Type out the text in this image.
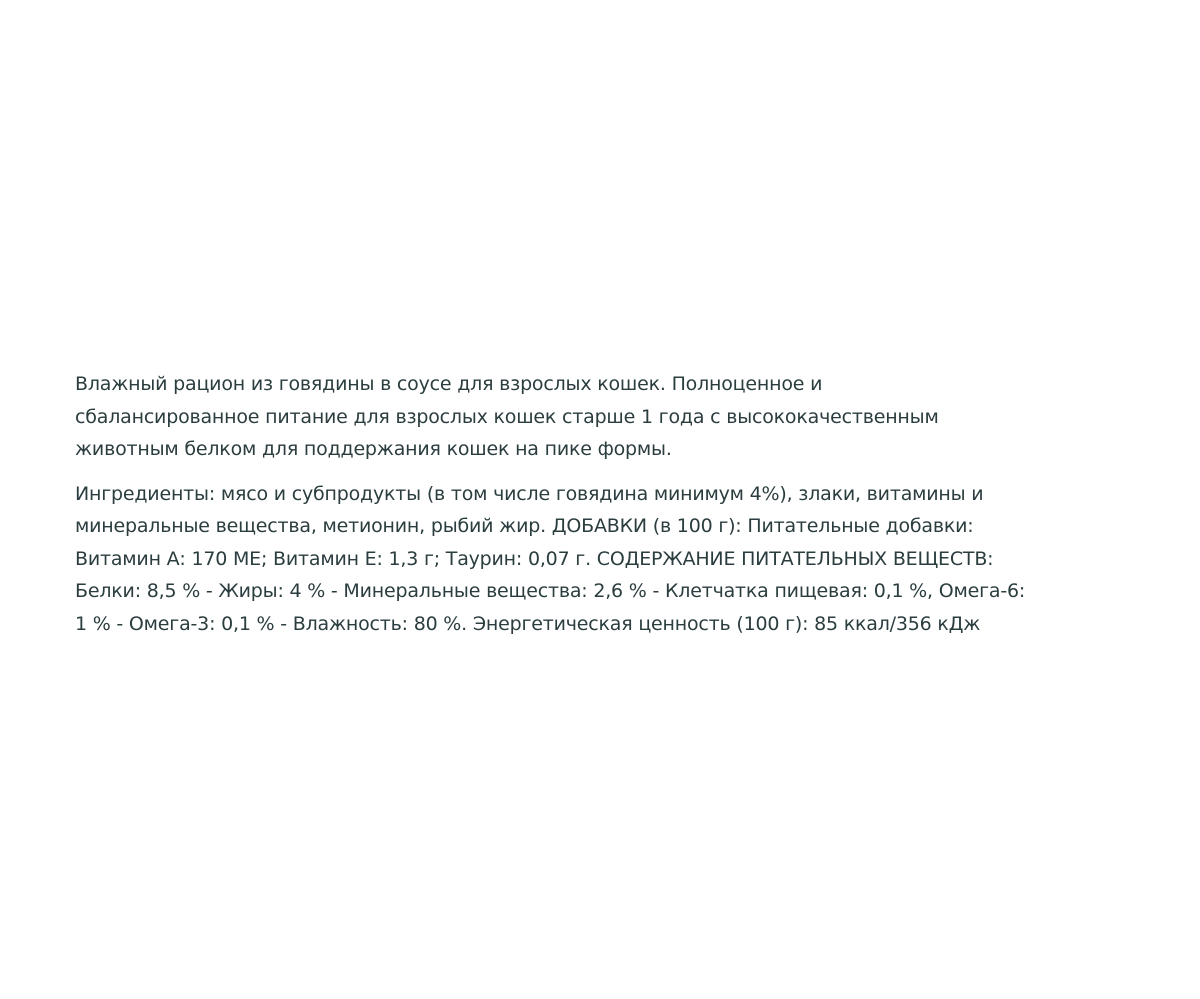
Влажный рацион из говядины в соусе для взрослых кошек. Полноценное и
сбалансированное питание для взрослых кошек старше 1 года с высококачественным
животным белком для поддержания кошек на пике формы.

Ингредиенты: мясо и субпродукты (в том числе говядина минимум 4%), злаки, витамины и
минеральные вещества, метионин, рыбий жир. ДОБАВКИ (в 100 г): Питательные добавки:
Витамин А: 170 МЕ; Витамин Е: 1,3 г; Таурин: 0,07 г. СОДЕРЖАНИЕ ПИТАТЕЛЬНЫХ ВЕЩЕСТВ:
Белки: 8,5 % - Жиры: 4 % - Минеральные вещества: 2,6 % - Клетчатка пищевая: 0,1 %, Омега-6:
1 % - Омега-3: 0,1 % - Влажность: 80 %. Энергетическая ценность (100 г): 85 ккал/356 кДж
